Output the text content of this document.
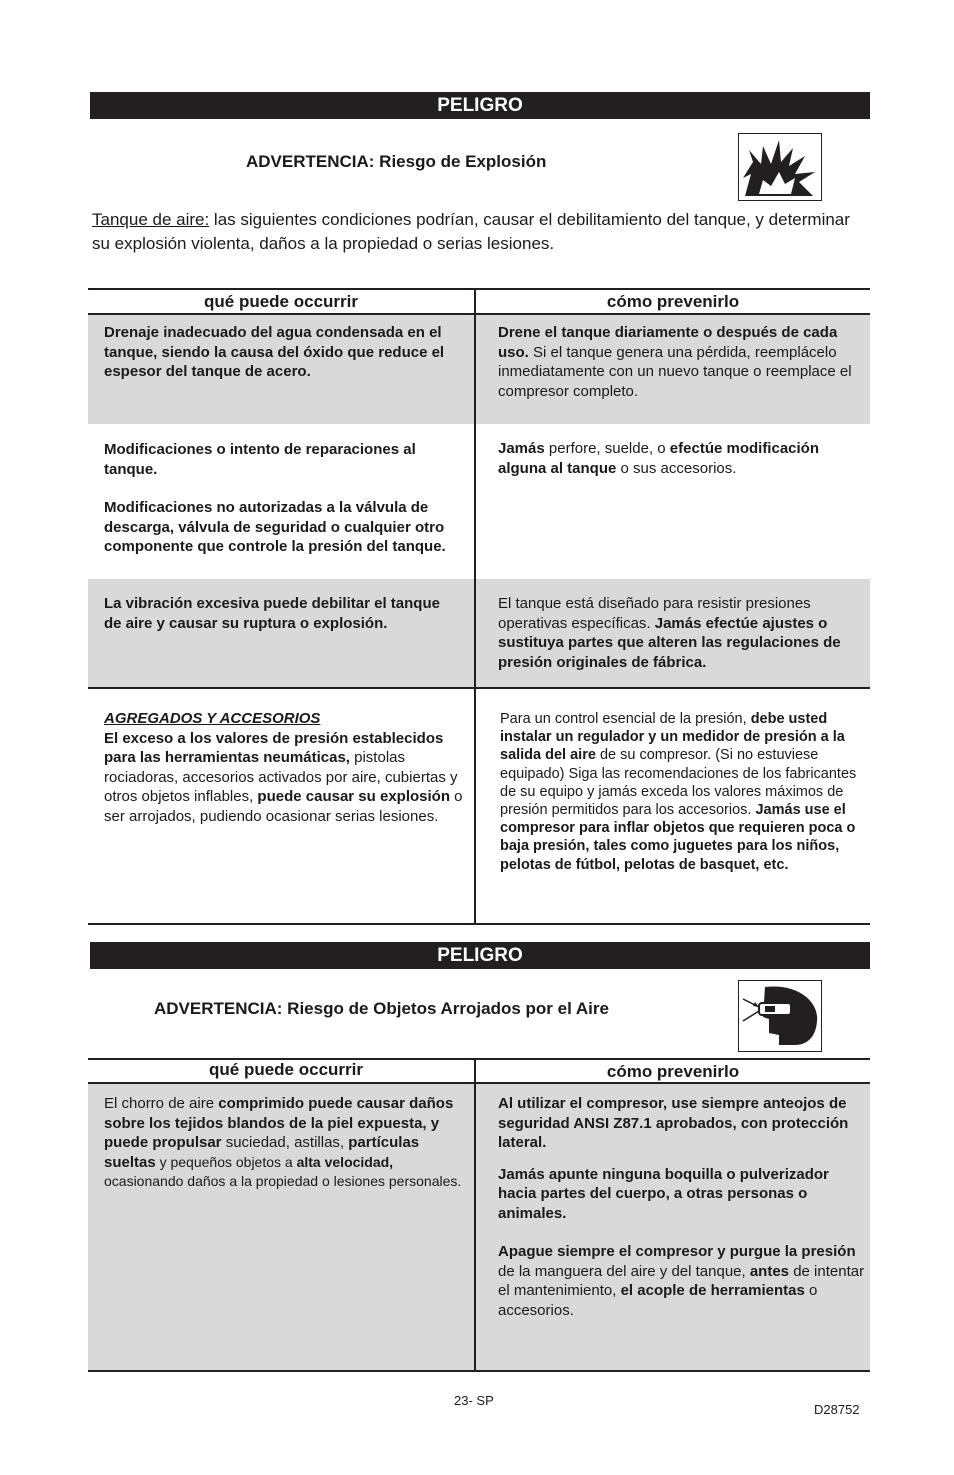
PELIGRO
ADVERTENCIA: Riesgo de Explosión
Tanque de aire: las siguientes condiciones podrían, causar el debilitamiento del tanque, y determinar su explosión violenta, daños a la propiedad o serias lesiones.
qué puede occurrir	cómo prevenirlo
Drenaje inadecuado del agua condensada en el tanque, siendo la causa del óxido que reduce el espesor del tanque de acero.
Drene el tanque diariamente o después de cada uso. Si el tanque genera una pérdida, reemplácelo inmediatamente con un nuevo tanque o reemplace el compresor completo.
Modificaciones o intento de reparaciones al tanque.
Modificaciones no autorizadas a la válvula de descarga, válvula de seguridad o cualquier otro componente que controle la presión del tanque.
Jamás perfore, suelde, o efectúe modificación alguna al tanque o sus accesorios.
La vibración excesiva puede debilitar el tanque de aire y causar su ruptura o explosión.
El tanque está diseñado para resistir presiones operativas específicas. Jamás efectúe ajustes o sustituya partes que alteren las regulaciones de presión originales de fábrica.
AGREGADOS Y ACCESORIOS
El exceso a los valores de presión establecidos para las herramientas neumáticas, pistolas rociadoras, accesorios activados por aire, cubiertas y otros objetos inflables, puede causar su explosión o ser arrojados, pudiendo ocasionar serias lesiones.
Para un control esencial de la presión, debe usted instalar un regulador y un medidor de presión a la salida del aire de su compresor. (Si no estuviese equipado) Siga las recomendaciones de los fabricantes de su equipo y jamás exceda los valores máximos de presión permitidos para los accesorios. Jamás use el compresor para inflar objetos que requieren poca o baja presión, tales como juguetes para los niños, pelotas de fútbol, pelotas de basquet, etc.
PELIGRO
ADVERTENCIA: Riesgo de Objetos Arrojados por el Aire
qué puede occurrir	cómo prevenirlo
El chorro de aire comprimido puede causar daños sobre los tejidos blandos de la piel expuesta, y puede propulsar suciedad, astillas, partículas sueltas y pequeños objetos a alta velocidad, ocasionando daños a la propiedad o lesiones personales.
Al utilizar el compresor, use siempre anteojos de seguridad ANSI Z87.1 aprobados, con protección lateral.
Jamás apunte ninguna boquilla o pulverizador hacia partes del cuerpo, a otras personas o
animales.
Apague siempre el compresor y purgue la presión de la manguera del aire y del tanque, antes de intentar el mantenimiento, el acople de herramientas o accesorios.
23- SP
D28752
